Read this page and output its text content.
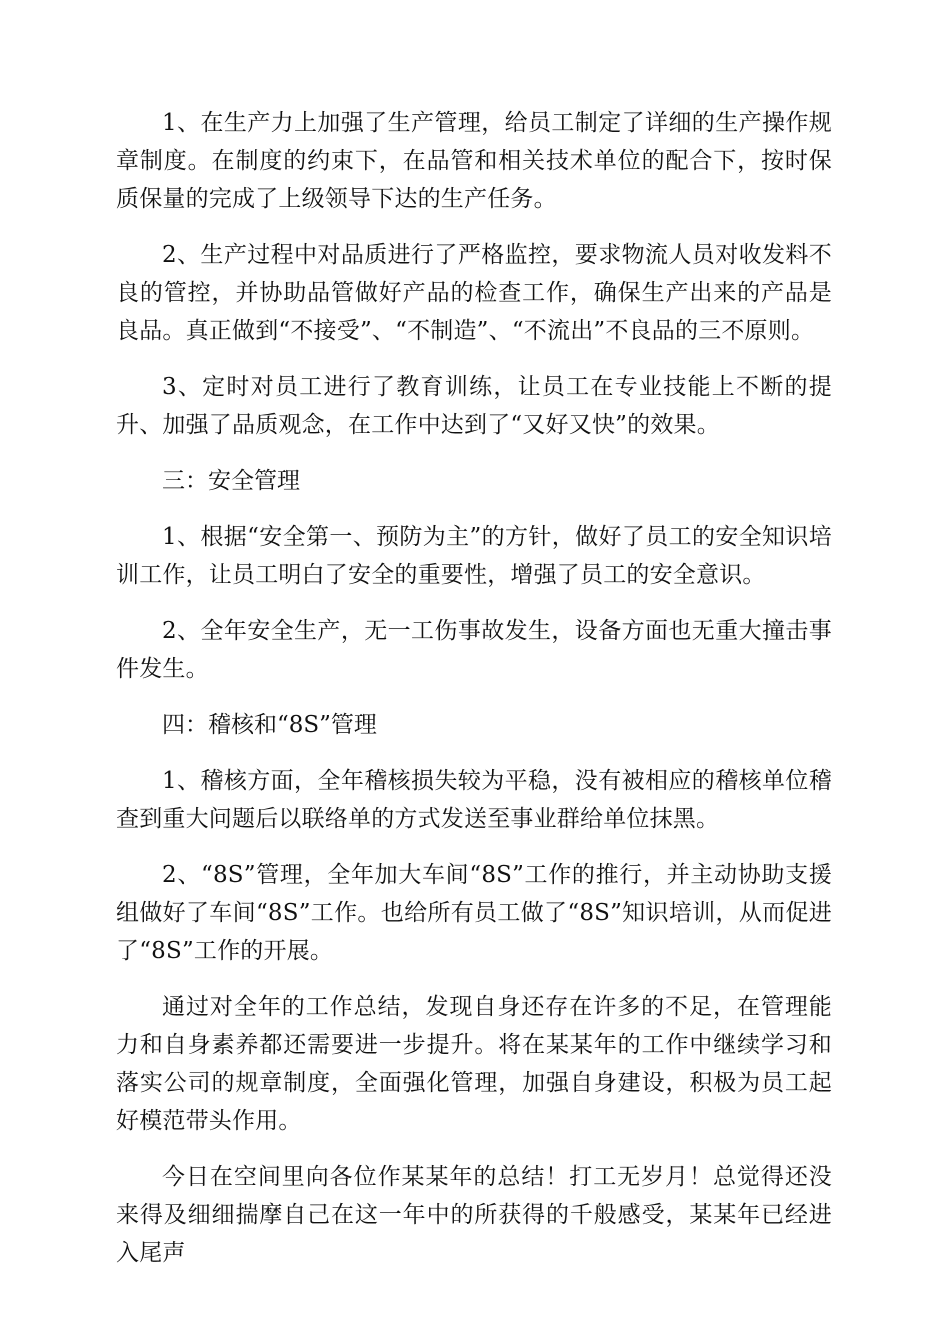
1、在生产力上加强了生产管理，给员工制定了详细的生产操作规章制度。在制度的约束下，在品管和相关技术单位的配合下，按时保质保量的完成了上级领导下达的生产任务。

2、生产过程中对品质进行了严格监控，要求物流人员对收发料不良的管控，并协助品管做好产品的检查工作，确保生产出来的产品是良品。真正做到“不接受”、“不制造”、“不流出”不良品的三不原则。

3、定时对员工进行了教育训练，让员工在专业技能上不断的提升、加强了品质观念，在工作中达到了“又好又快”的效果。

三：安全管理

1、根据“安全第一、预防为主”的方针，做好了员工的安全知识培训工作，让员工明白了安全的重要性，增强了员工的安全意识。

2、全年安全生产，无一工伤事故发生，设备方面也无重大撞击事件发生。

四：稽核和“8S”管理

1、稽核方面，全年稽核损失较为平稳，没有被相应的稽核单位稽查到重大问题后以联络单的方式发送至事业群给单位抹黑。

2、“8S”管理，全年加大车间“8S”工作的推行，并主动协助支援组做好了车间“8S”工作。也给所有员工做了“8S”知识培训，从而促进了“8S”工作的开展。

通过对全年的工作总结，发现自身还存在许多的不足，在管理能力和自身素养都还需要进一步提升。将在某某年的工作中继续学习和落实公司的规章制度，全面强化管理，加强自身建设，积极为员工起好模范带头作用。

今日在空间里向各位作某某年的总结！打工无岁月！总觉得还没来得及细细揣摩自己在这一年中的所获得的千般感受，某某年已经进入尾声
